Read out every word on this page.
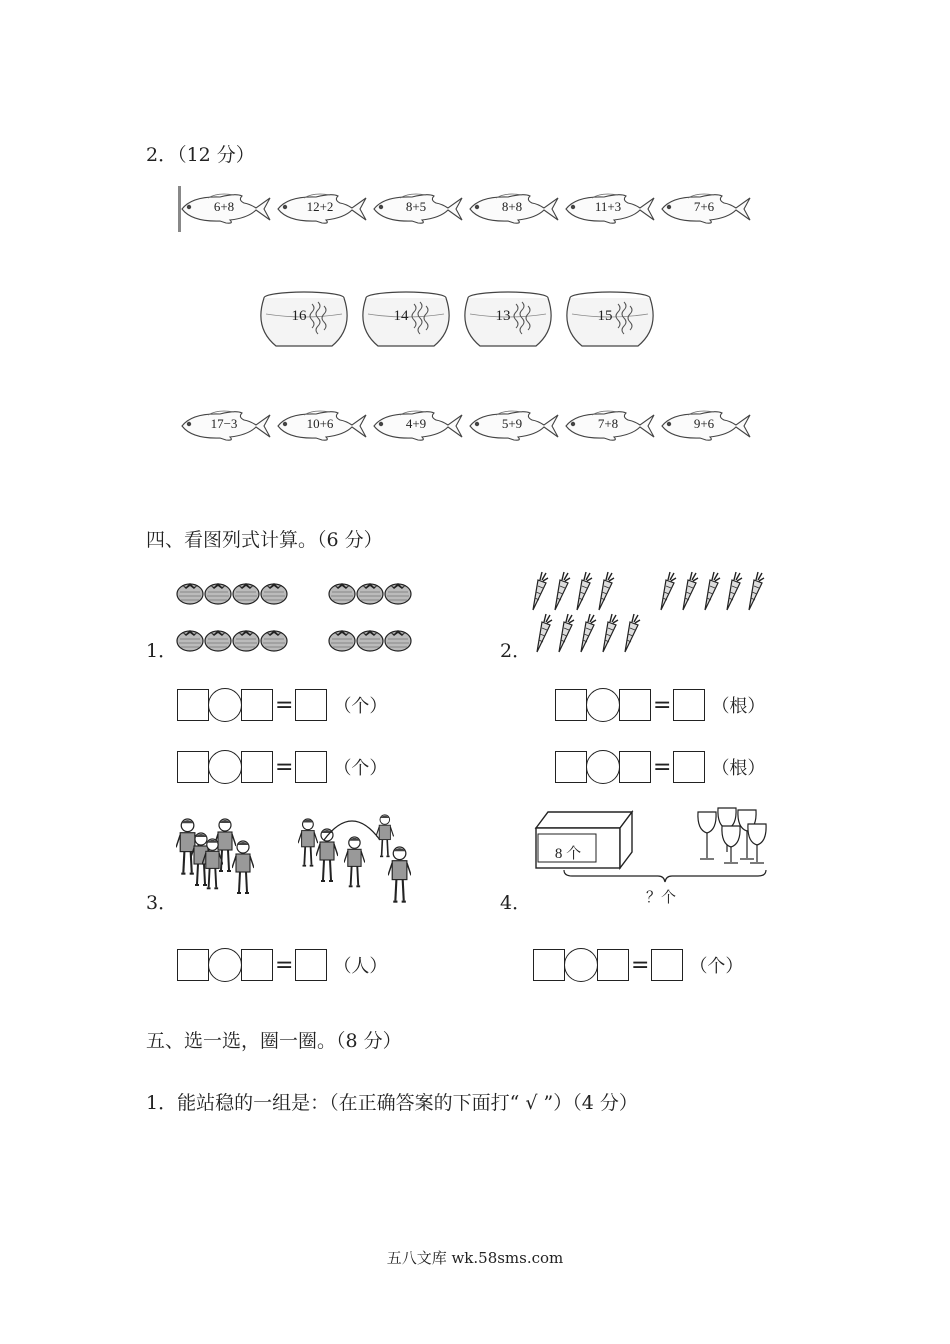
2．（12 分）
6+8	12+2	8+5	8+8	11+3	7+6
16	14	13	15
17−3	10+6	4+9	5+9	7+8	9+6
四、看图列式计算。（6 分）
1．	2．
= （个）
= （个）
= （根）
= （根）
3．
8 个
？个
4．
= （人）	= （个）
五、选一选，圈一圈。（8 分）
1．能站稳的一组是：（在正确答案的下面打“ √ ”）（4 分）
五八文库 wk.58sms.com
